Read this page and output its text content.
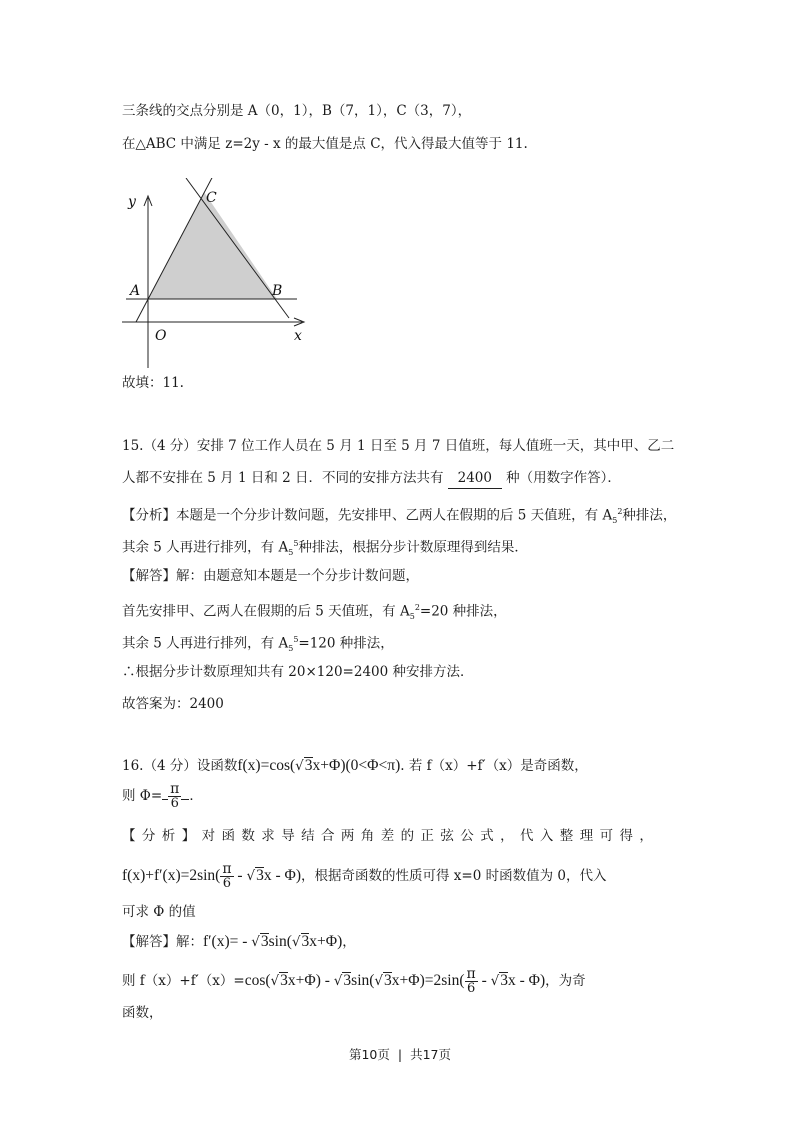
三条线的交点分别是 A（0，1），B（7，1），C（3，7），
在△ABC 中满足 z=2y - x 的最大值是点 C，代入得最大值等于 11.
y
x
O
A	B
C
故填：11.
15.（4 分）安排 7 位工作人员在 5 月 1 日至 5 月 7 日值班，每人值班一天，其中甲、乙二
人都不安排在 5 月 1 日和 2 日．不同的安排方法共有 2400 种（用数字作答）．
【分析】本题是一个分步计数问题，先安排甲、乙两人在假期的后 5 天值班，有 $A_5^2$种排法，
其余 5 人再进行排列，有 $A_5^5$种排法，根据分步计数原理得到结果．
【解答】解：由题意知本题是一个分步计数问题，
首先安排甲、乙两人在假期的后 5 天值班，有 $A_5^2=20$ 种排法，
其余 5 人再进行排列，有 $A_5^5=120$ 种排法，
∴根据分步计数原理知共有 20×120=2400 种安排方法．
故答案为：2400
16.（4 分）设函数f(x)=cos(√3x+Φ)(0<Φ<π). 若 f（x）+f′（x）是奇函数，
则 $\Phi= \frac{\pi}{6}$ ．
【分析】对函数求导结合两角差的正弦公式，代入整理可得，
$f(x)+f'(x)=2\sin( \frac{\pi}{6} - √3x - \Phi)$，根据奇函数的性质可得 x=0 时函数值为 0，代入
可求 Φ 的值
【解答】解：f′(x)= - √3sin(√3x+Φ)，
则 $f(x)+f'(x)=\cos(√3x+\Phi) - √3\sin(√3x+\Phi)=2\sin( \frac{\pi}{6} - √3x - \Phi)$，为奇
函数，
第10页 | 共17页
